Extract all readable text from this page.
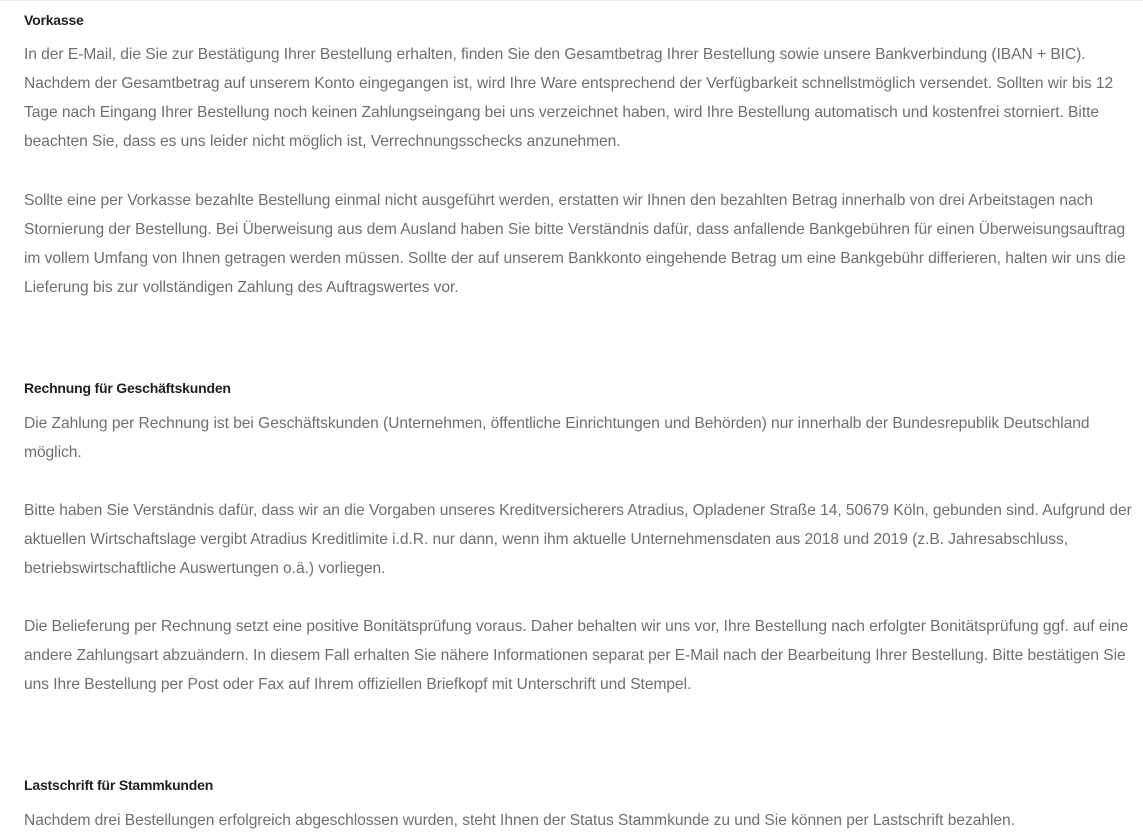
Vorkasse

In der E-Mail, die Sie zur Bestätigung Ihrer Bestellung erhalten, finden Sie den Gesamtbetrag Ihrer Bestellung sowie unsere Bankverbindung (IBAN + BIC). Nachdem der Gesamtbetrag auf unserem Konto eingegangen ist, wird Ihre Ware entsprechend der Verfügbarkeit schnellstmöglich versendet. Sollten wir bis 12 Tage nach Eingang Ihrer Bestellung noch keinen Zahlungseingang bei uns verzeichnet haben, wird Ihre Bestellung automatisch und kostenfrei storniert. Bitte beachten Sie, dass es uns leider nicht möglich ist, Verrechnungsschecks anzunehmen.

Sollte eine per Vorkasse bezahlte Bestellung einmal nicht ausgeführt werden, erstatten wir Ihnen den bezahlten Betrag innerhalb von drei Arbeitstagen nach Stornierung der Bestellung. Bei Überweisung aus dem Ausland haben Sie bitte Verständnis dafür, dass anfallende Bankgebühren für einen Überweisungsauftrag im vollem Umfang von Ihnen getragen werden müssen. Sollte der auf unserem Bankkonto eingehende Betrag um eine Bankgebühr differieren, halten wir uns die Lieferung bis zur vollständigen Zahlung des Auftragswertes vor.

Rechnung für Geschäftskunden

Die Zahlung per Rechnung ist bei Geschäftskunden (Unternehmen, öffentliche Einrichtungen und Behörden) nur innerhalb der Bundesrepublik Deutschland möglich.

Bitte haben Sie Verständnis dafür, dass wir an die Vorgaben unseres Kreditversicherers Atradius, Opladener Straße 14, 50679 Köln, gebunden sind. Aufgrund der aktuellen Wirtschaftslage vergibt Atradius Kreditlimite i.d.R. nur dann, wenn ihm aktuelle Unternehmensdaten aus 2018 und 2019 (z.B. Jahresabschluss, betriebswirtschaftliche Auswertungen o.ä.) vorliegen.

Die Belieferung per Rechnung setzt eine positive Bonitätsprüfung voraus. Daher behalten wir uns vor, Ihre Bestellung nach erfolgter Bonitätsprüfung ggf. auf eine andere Zahlungsart abzuändern. In diesem Fall erhalten Sie nähere Informationen separat per E-Mail nach der Bearbeitung Ihrer Bestellung. Bitte bestätigen Sie uns Ihre Bestellung per Post oder Fax auf Ihrem offiziellen Briefkopf mit Unterschrift und Stempel.

Lastschrift für Stammkunden

Nachdem drei Bestellungen erfolgreich abgeschlossen wurden, steht Ihnen der Status Stammkunde zu und Sie können per Lastschrift bezahlen.
